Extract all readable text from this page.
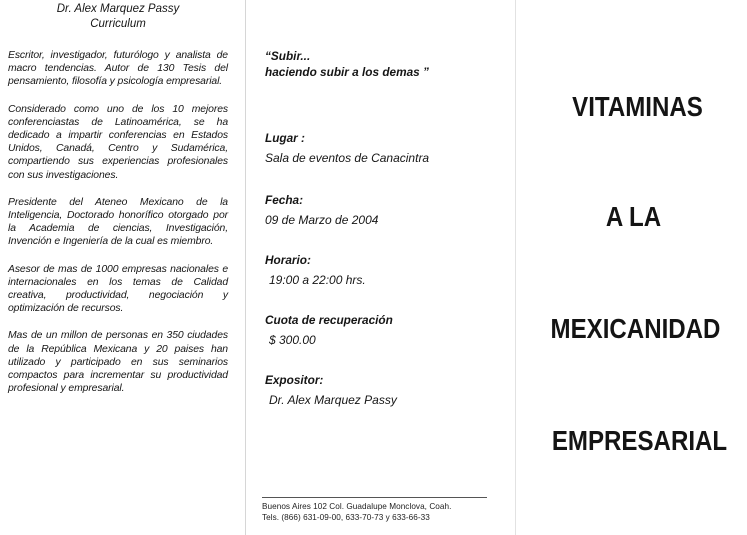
Dr. Alex Marquez Passy
Curriculum

Escritor, investigador, futurólogo y analista de macro tendencias. Autor de 130 Tesis del pensamiento, filosofía y psicología empresarial.

Considerado como uno de los 10 mejores conferenciastas de Latinoamérica, se ha dedicado a impartir conferencias en Estados Unidos, Canadá, Centro y Sudamérica, compartiendo sus experiencias profesionales con sus investigaciones.

Presidente del Ateneo Mexicano de la Inteligencia, Doctorado honorífico otorgado por la Academia de ciencias, Investigación, Invención e Ingeniería de la cual es miembro.

Asesor de mas de 1000 empresas nacionales e internacionales en los temas de Calidad creativa, productividad, negociación y optimización de recursos.

Mas de un millon de personas en 350 ciudades de la República Mexicana y 20 paises han utilizado y participado en sus seminarios compactos para incrementar su productividad profesional y empresarial.

“Subir...

haciendo subir a los demas ”

Lugar :

Sala de eventos de Canacintra

Fecha:

09 de Marzo de 2004

Horario:

19:00 a 22:00 hrs.

Cuota de recuperación

$ 300.00

Expositor:

Dr. Alex Marquez Passy

Buenos Aires 102 Col. Guadalupe Monclova, Coah.
Tels. (866) 631-09-00, 633-70-73 y 633-66-33
VITAMINAS
A LA
MEXICANIDAD
EMPRESARIAL
